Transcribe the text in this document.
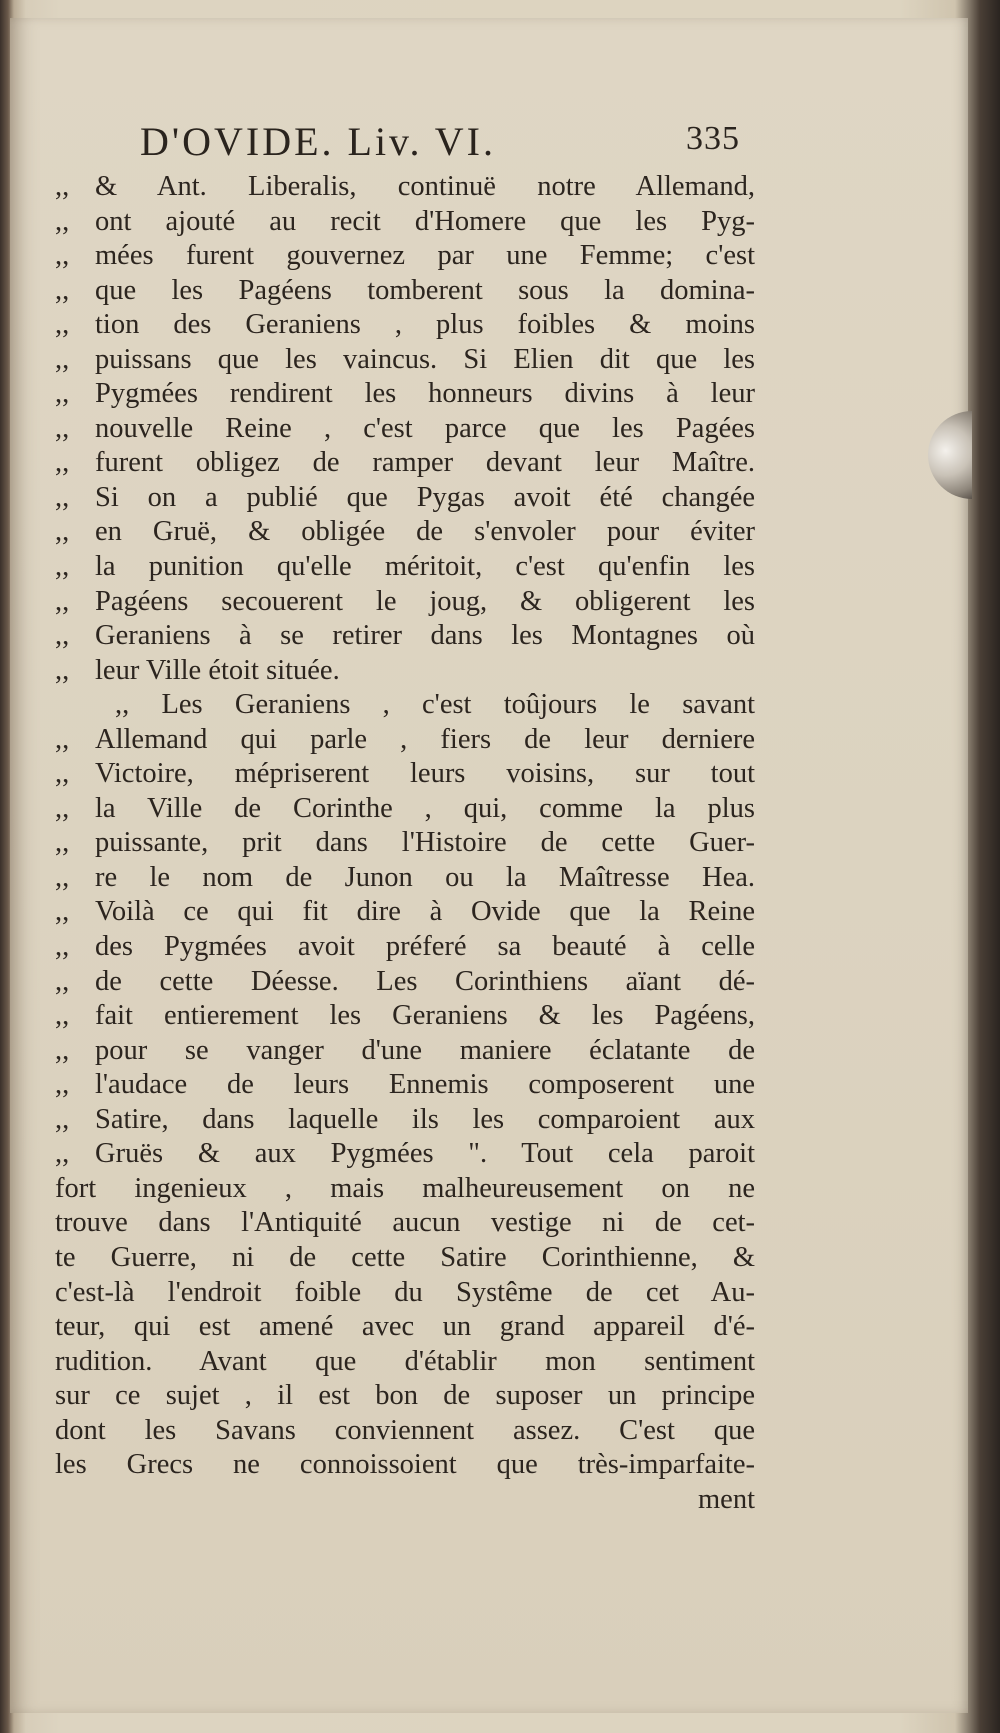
D'OVIDE. Liv. VI.	335
,, & Ant. Liberalis, continuë notre Allemand,
,, ont ajouté au recit d'Homere que les Pyg-
,, mées furent gouvernez par une Femme; c'est
,, que les Pagéens tomberent sous la domina-
,, tion des Geraniens , plus foibles & moins
,, puissans que les vaincus. Si Elien dit que les
,, Pygmées rendirent les honneurs divins à leur
,, nouvelle Reine , c'est parce que les Pagées
,, furent obligez de ramper devant leur Maître.
,, Si on a publié que Pygas avoit été changée
,, en Gruë, & obligée de s'envoler pour éviter
,, la punition qu'elle méritoit, c'est qu'enfin les
,, Pagéens secouerent le joug, & obligerent les
,, Geraniens à se retirer dans les Montagnes où
,, leur Ville étoit située.
,, Les Geraniens , c'est toûjours le savant
,, Allemand qui parle , fiers de leur derniere
,, Victoire, mépriserent leurs voisins, sur tout
,, la Ville de Corinthe , qui, comme la plus
,, puissante, prit dans l'Histoire de cette Guer-
,, re le nom de Junon ou la Maîtresse Hea.
,, Voilà ce qui fit dire à Ovide que la Reine
,, des Pygmées avoit préferé sa beauté à celle
,, de cette Déesse. Les Corinthiens aïant dé-
,, fait entierement les Geraniens & les Pagéens,
,, pour se vanger d'une maniere éclatante de
,, l'audace de leurs Ennemis composerent une
,, Satire, dans laquelle ils les comparoient aux
,, Gruës & aux Pygmées ". Tout cela paroit
fort ingenieux , mais malheureusement on ne
trouve dans l'Antiquité aucun vestige ni de cet-
te Guerre, ni de cette Satire Corinthienne, &
c'est-là l'endroit foible du Systême de cet Au-
teur, qui est amené avec un grand appareil d'é-
rudition. Avant que d'établir mon sentiment
sur ce sujet , il est bon de suposer un principe
dont les Savans conviennent assez. C'est que
les Grecs ne connoissoient que très-imparfaite-
ment
